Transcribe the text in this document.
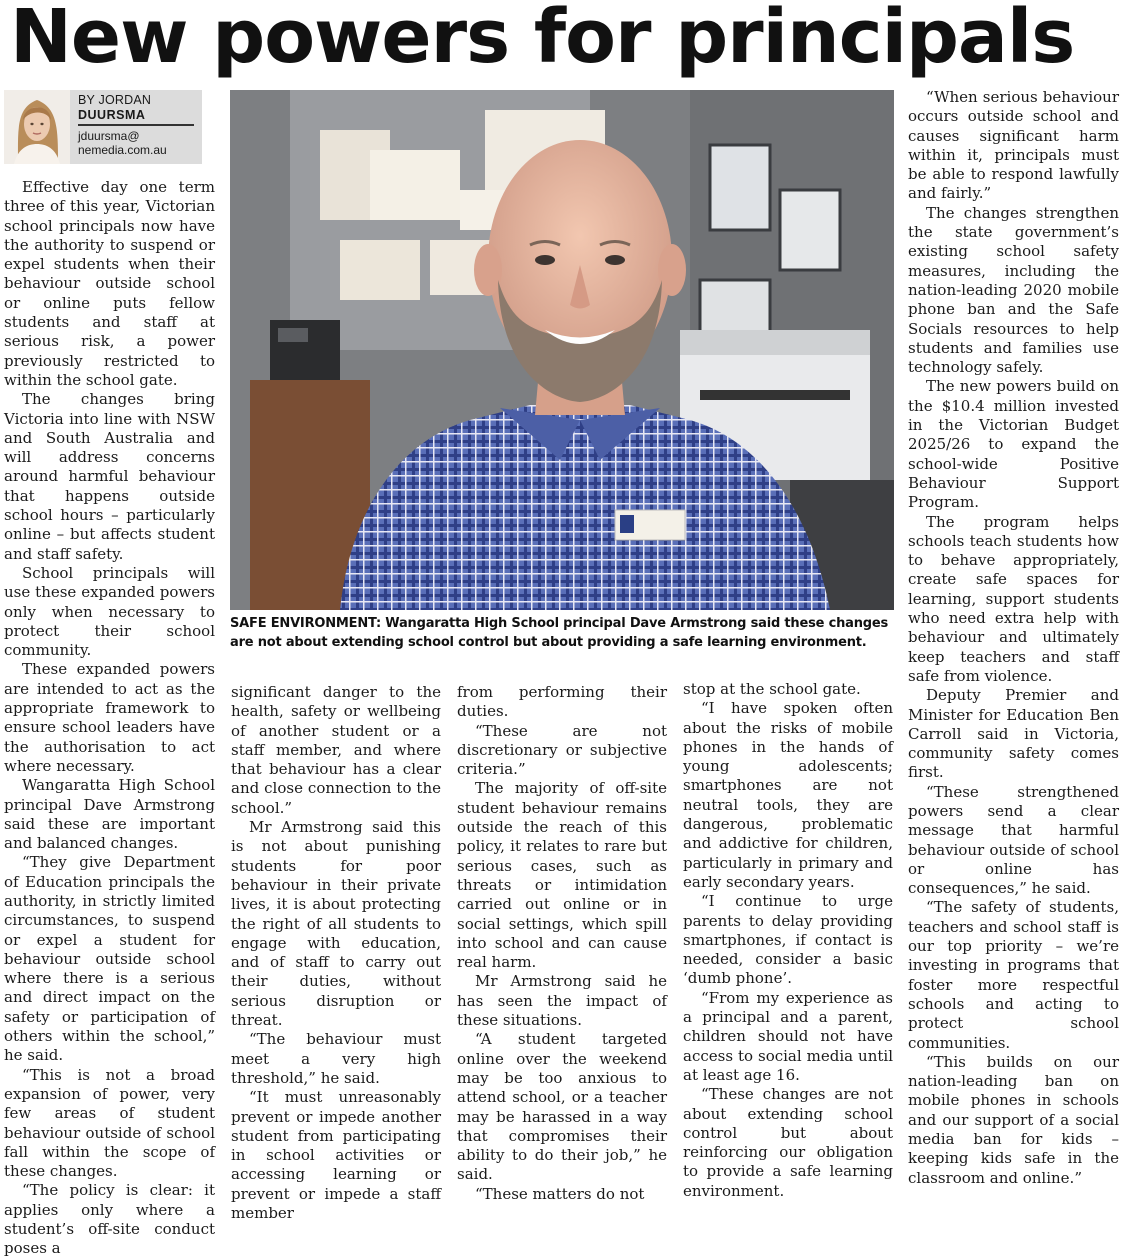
New powers for principals
BY JORDAN
DUURSMA
jduursma@
nemedia.com.au

Effective day one term three of this year, Victorian school principals now have the authority to suspend or expel students when their behaviour outside school or online puts fellow students and staff at serious risk, a power previously restricted to within the school gate.

The changes bring Victoria into line with NSW and South Australia and will address concerns around harmful behaviour that happens outside school hours – particularly online – but affects student and staff safety.

School principals will use these expanded powers only when necessary to protect their school community.

These expanded powers are intended to act as the appropriate framework to ensure school leaders have the authorisation to act where necessary.

Wangaratta High School principal Dave Armstrong said these are important and balanced changes.

“They give Department of Education principals the authority, in strictly limited circumstances, to suspend or expel a student for behaviour outside school where there is a serious and direct impact on the safety or participation of others within the school,” he said.

“This is not a broad expansion of power, very few areas of student behaviour outside of school fall within the scope of these changes.

“The policy is clear: it applies only where a student’s off-site conduct poses a

SAFE ENVIRONMENT: Wangaratta High School principal Dave Armstrong said these changes are not about extending school control but about providing a safe learning environment.

significant danger to the health, safety or wellbeing of another student or a staff member, and where that behaviour has a clear and close connection to the school.”

Mr Armstrong said this is not about punishing students for poor behaviour in their private lives, it is about protecting the right of all students to engage with education, and of staff to carry out their duties, without serious disruption or threat.

“The behaviour must meet a very high threshold,” he said.

“It must unreasonably prevent or impede another student from participating in school activities or accessing learning or prevent or impede a staff member

from performing their duties.

“These are not discretionary or subjective criteria.”

The majority of off-site student behaviour remains outside the reach of this policy, it relates to rare but serious cases, such as threats or intimidation carried out online or in social settings, which spill into school and can cause real harm.

Mr Armstrong said he has seen the impact of these situations.

“A student targeted online over the weekend may be too anxious to attend school, or a teacher may be harassed in a way that compromises their ability to do their job,” he said.

“These matters do not

stop at the school gate.

“I have spoken often about the risks of mobile phones in the hands of young adolescents; smartphones are not neutral tools, they are dangerous, problematic and addictive for children, particularly in primary and early secondary years.

“I continue to urge parents to delay providing smartphones, if contact is needed, consider a basic ‘dumb phone’.

“From my experience as a principal and a parent, children should not have access to social media until at least age 16.

“These changes are not about extending school control but about reinforcing our obligation to provide a safe learning environment.

“When serious behaviour occurs outside school and causes significant harm within it, principals must be able to respond lawfully and fairly.”

The changes strengthen the state government’s existing school safety measures, including the nation-leading 2020 mobile phone ban and the Safe Socials resources to help students and families use technology safely.

The new powers build on the $10.4 million invested in the Victorian Budget 2025/26 to expand the school-wide Positive Behaviour Support Program.

The program helps schools teach students how to behave appropriately, create safe spaces for learning, support students who need extra help with behaviour and ultimately keep teachers and staff safe from violence.

Deputy Premier and Minister for Education Ben Carroll said in Victoria, community safety comes first.

“These strengthened powers send a clear message that harmful behaviour outside of school or online has consequences,” he said.

“The safety of students, teachers and school staff is our top priority – we’re investing in programs that foster more respectful schools and acting to protect school communities.

“This builds on our nation-leading ban on mobile phones in schools and our support of a social media ban for kids – keeping kids safe in the classroom and online.”
